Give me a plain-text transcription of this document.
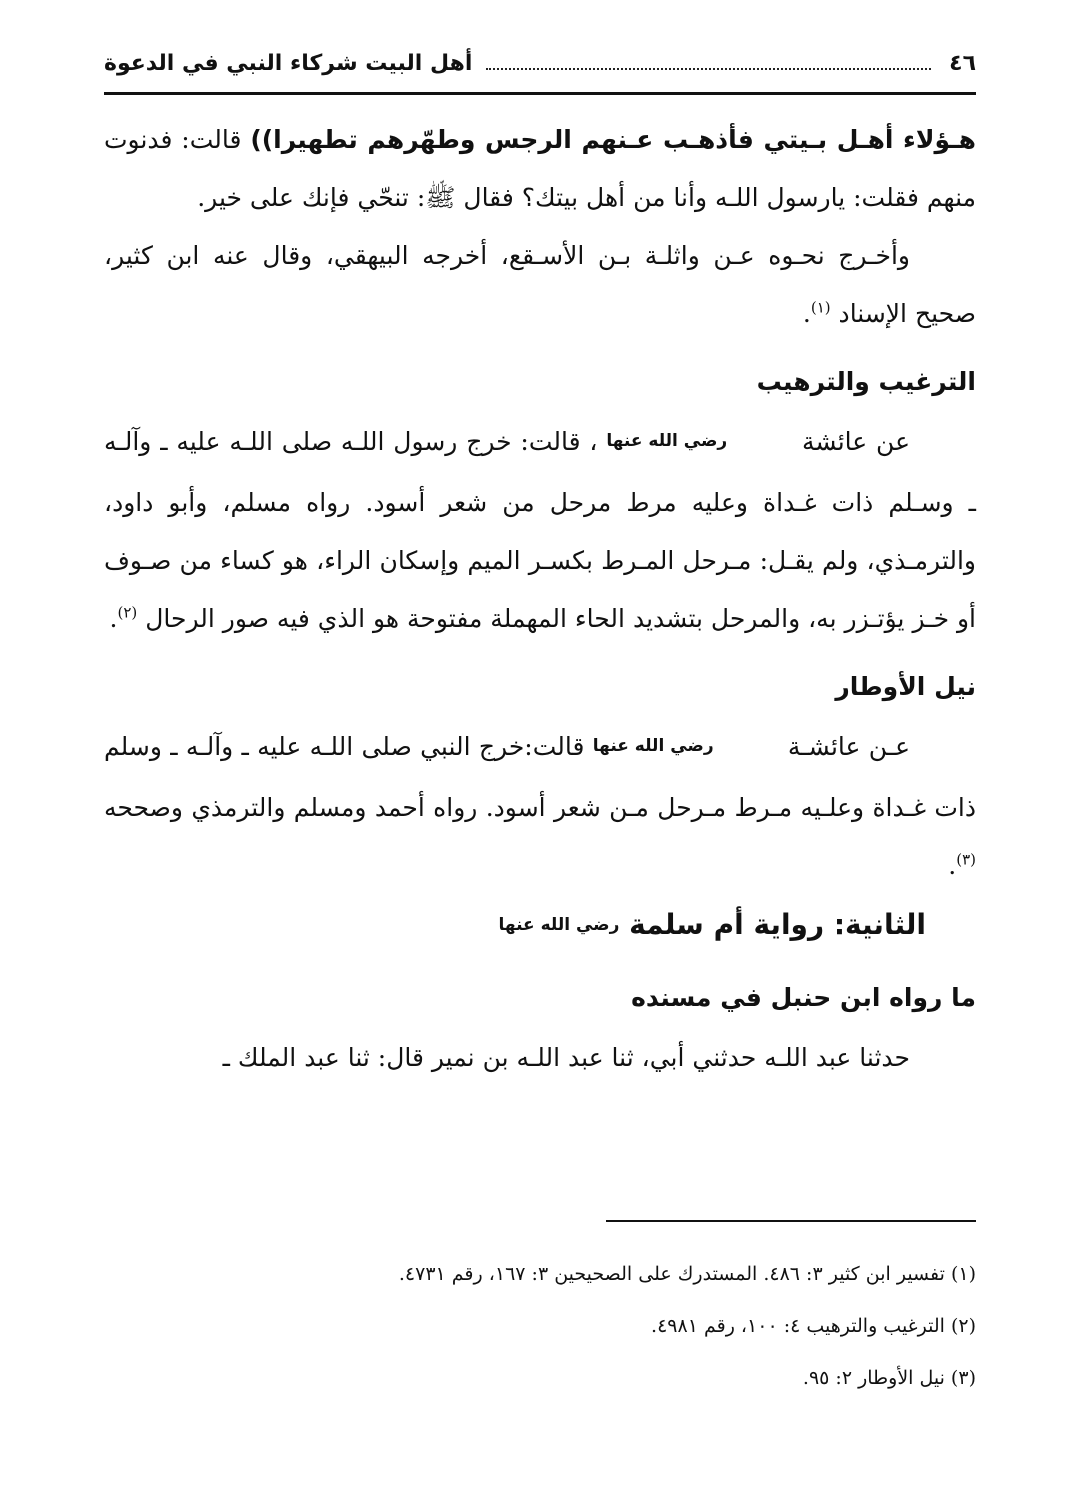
٤٦
أهل البيت شركاء النبي في الدعوة

هـؤلاء أهـل بـيتي فأذهـب عـنهم الرجس وطهّرهم تطهيرا)) قالت: فدنوت منهم فقلت: يارسول اللـه وأنا من أهل بيتك؟ فقال ﷺ: تنحّي فإنك على خير.

وأخـرج نحـوه عـن واثلـة بـن الأسـقع، أخرجه البيهقي، وقال عنه ابن كثير، صحيح الإسناد $^{(١)}$.

الترغيب والترهيب

عن عائشة رضي الله عنها ، قالت: خرج رسول اللـه صلى اللـه عليه ـ وآلـه ـ وسـلم ذات غـداة وعليه مرط مرحل من شعر أسود. رواه مسلم، وأبو داود، والترمـذي، ولم يقـل: مـرحل المـرط بكسـر الميم وإسكان الراء، هو كساء من صـوف أو خـز يؤتـزر به، والمرحل بتشديد الحاء المهملة مفتوحة هو الذي فيه صور الرحال $^{(٢)}$.

نيل الأوطار

عـن عائشـة رضي الله عنها قالت:خرج النبي صلى اللـه عليه ـ وآلـه ـ وسلم ذات غـداة وعلـيه مـرط مـرحل مـن شعر أسود. رواه أحمد ومسلم والترمذي وصححه $^{(٣)}$.

الثانية: رواية أم سلمة رضي الله عنها
ما رواه ابن حنبل في مسنده

حدثنا عبد اللـه حدثني أبي، ثنا عبد اللـه بن نمير قال: ثنا عبد الملك ـ

(١) تفسير ابن كثير ٣: ٤٨٦. المستدرك على الصحيحين ٣: ١٦٧، رقم ٤٧٣١.

(٢) الترغيب والترهيب ٤: ١٠٠، رقم ٤٩٨١.

(٣) نيل الأوطار ٢: ٩٥.
